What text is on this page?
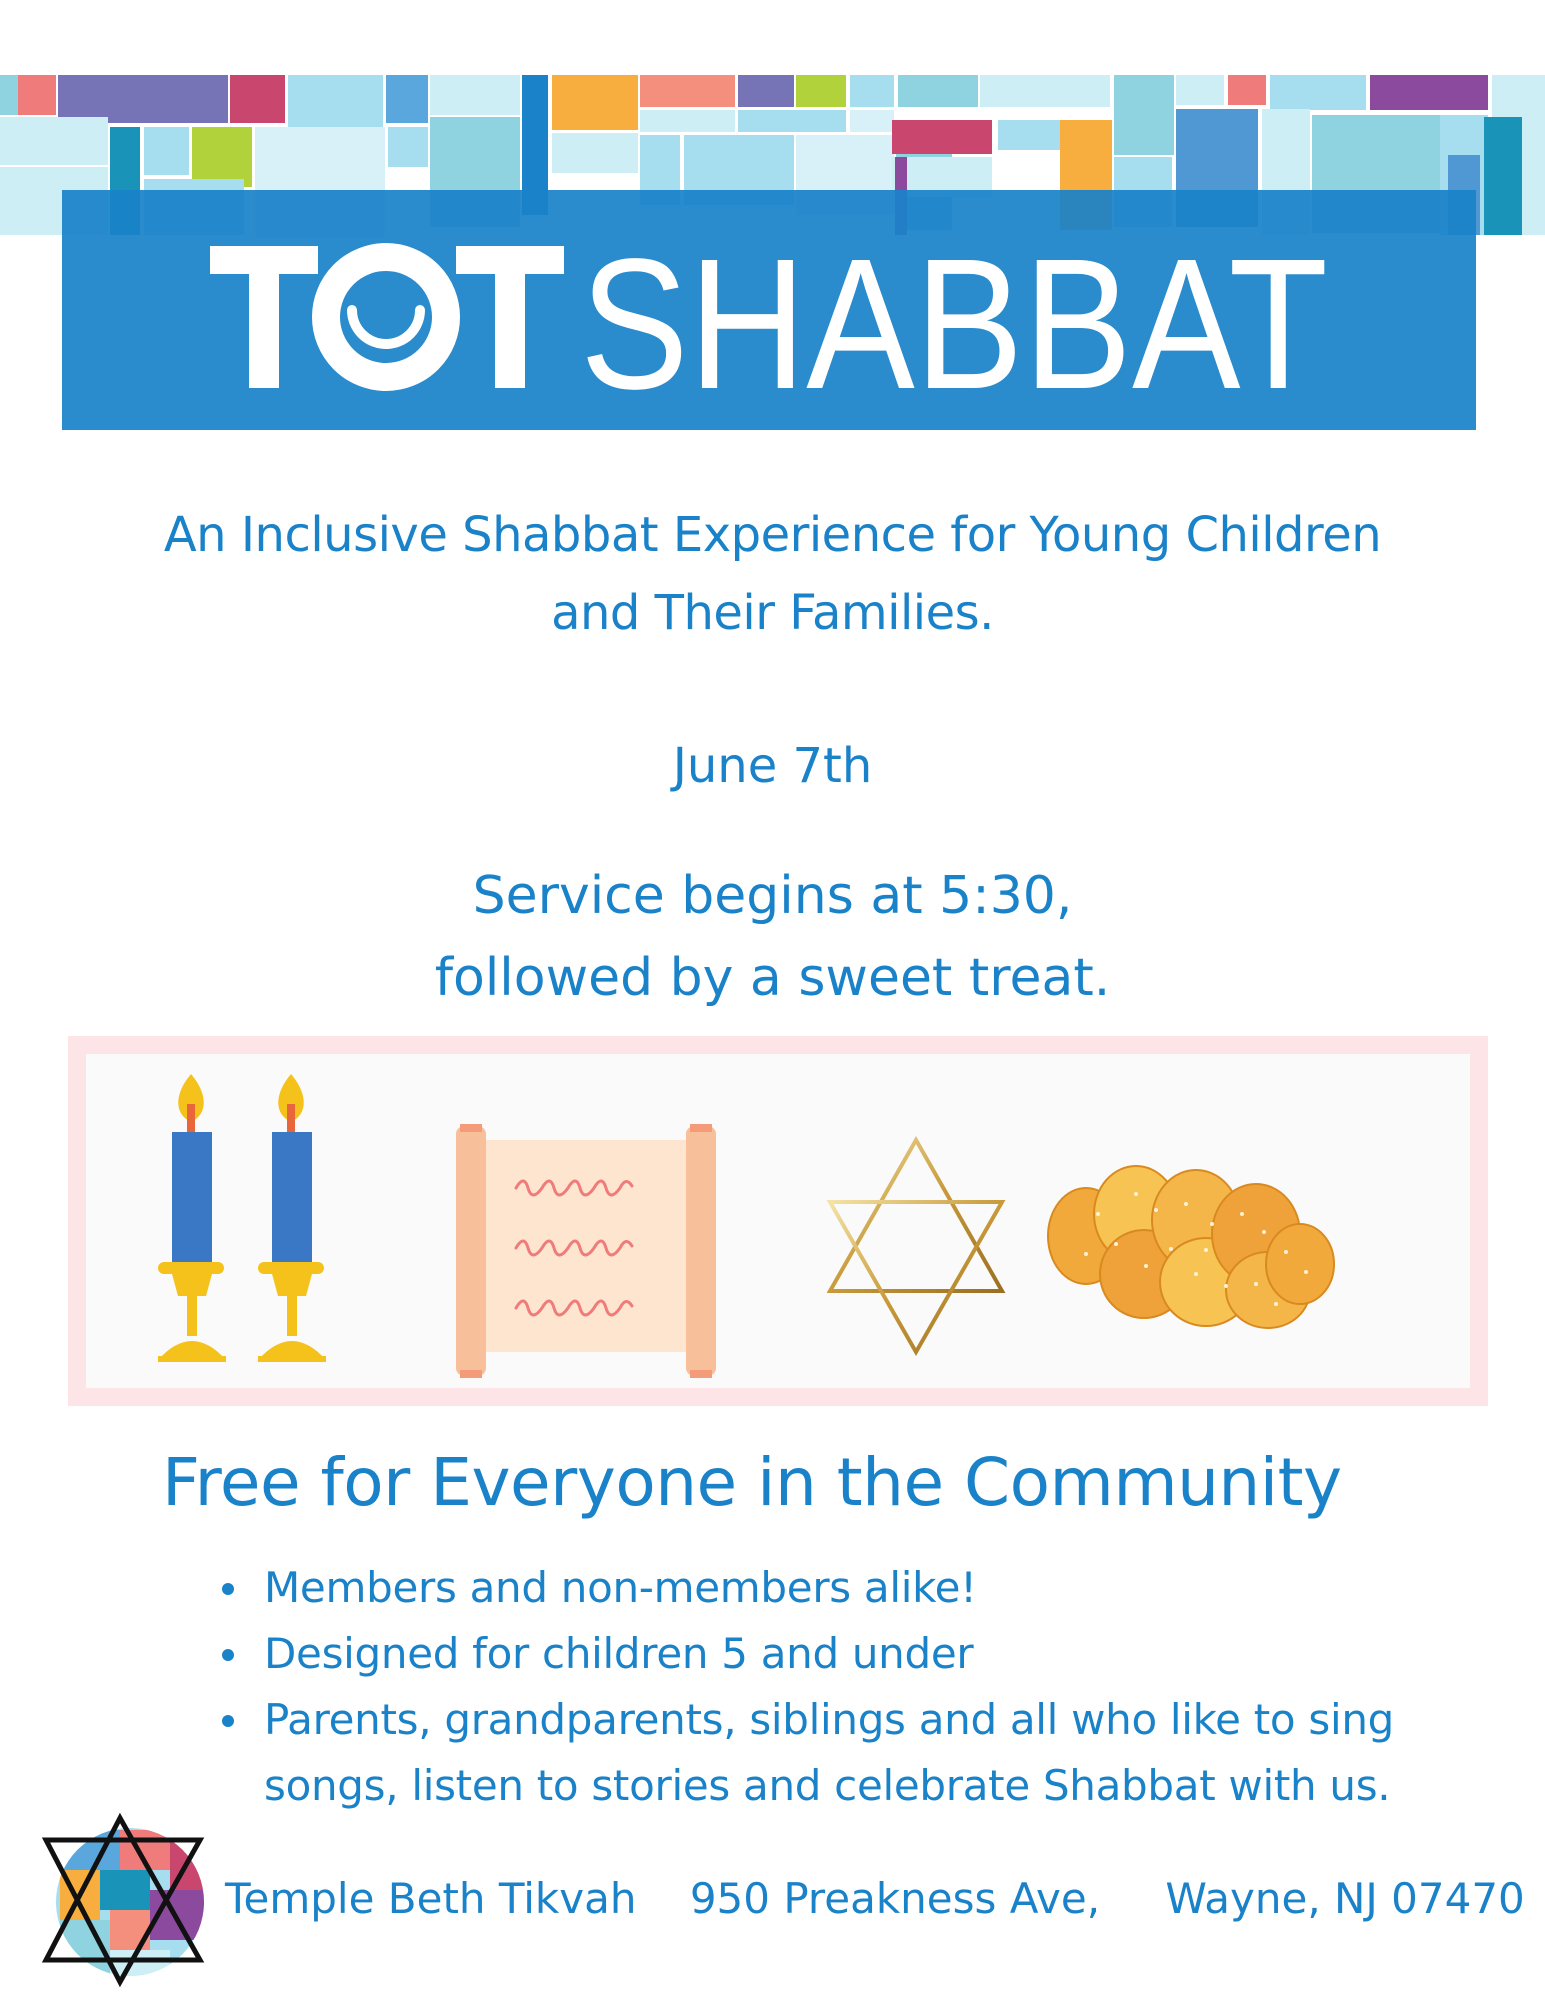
SHABBAT
An Inclusive Shabbat Experience for Young Children
and Their Families.
June 7th
Service begins at 5:30,
followed by a sweet treat.
Free for Everyone in the Community
Members and non-members alike!
Designed for children 5 and under
Parents, grandparents, siblings and all who like to sing songs, listen to stories and celebrate Shabbat with us.
Temple Beth Tikvah 950 Preakness Ave, Wayne, NJ 07470
